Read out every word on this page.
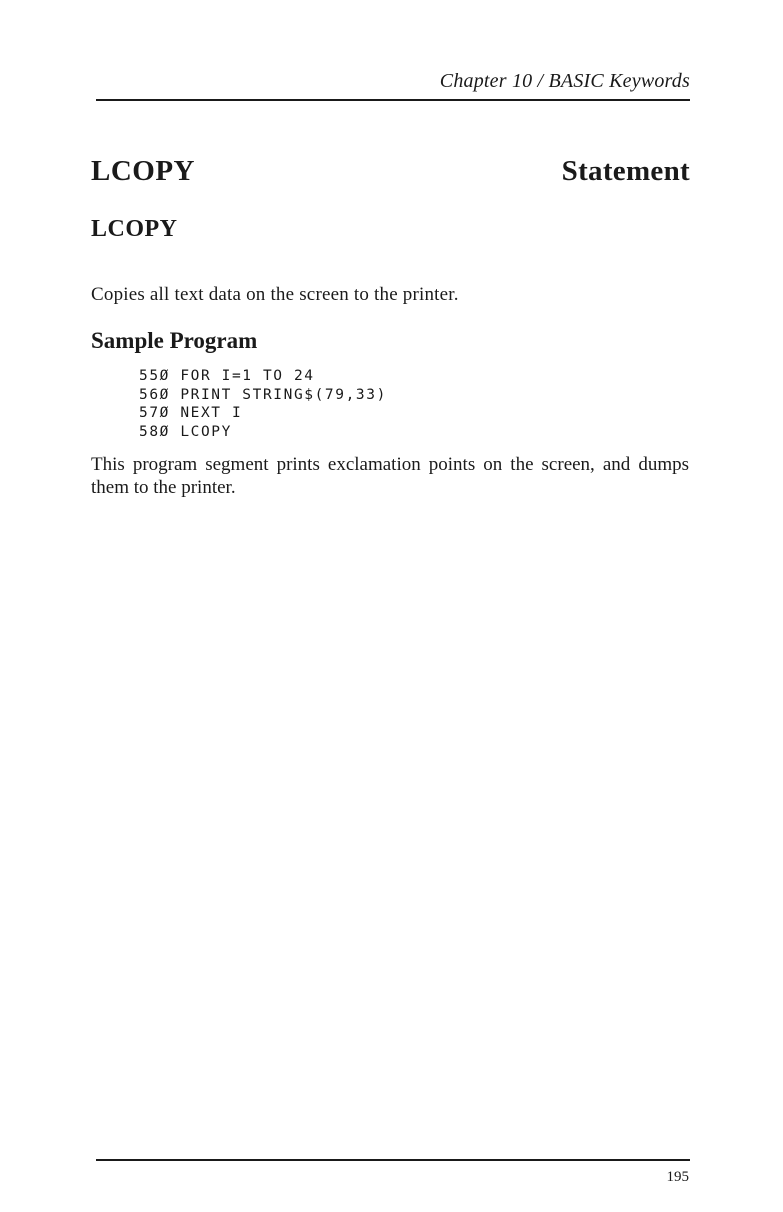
Chapter 10 / BASIC Keywords
LCOPY	Statement
LCOPY
Copies all text data on the screen to the printer.
Sample Program
55Ø FOR I=1 TO 24
56Ø PRINT STRING$(79,33)
57Ø NEXT I
58Ø LCOPY

This program segment prints exclamation points on the screen, and dumps them to the printer.

195
